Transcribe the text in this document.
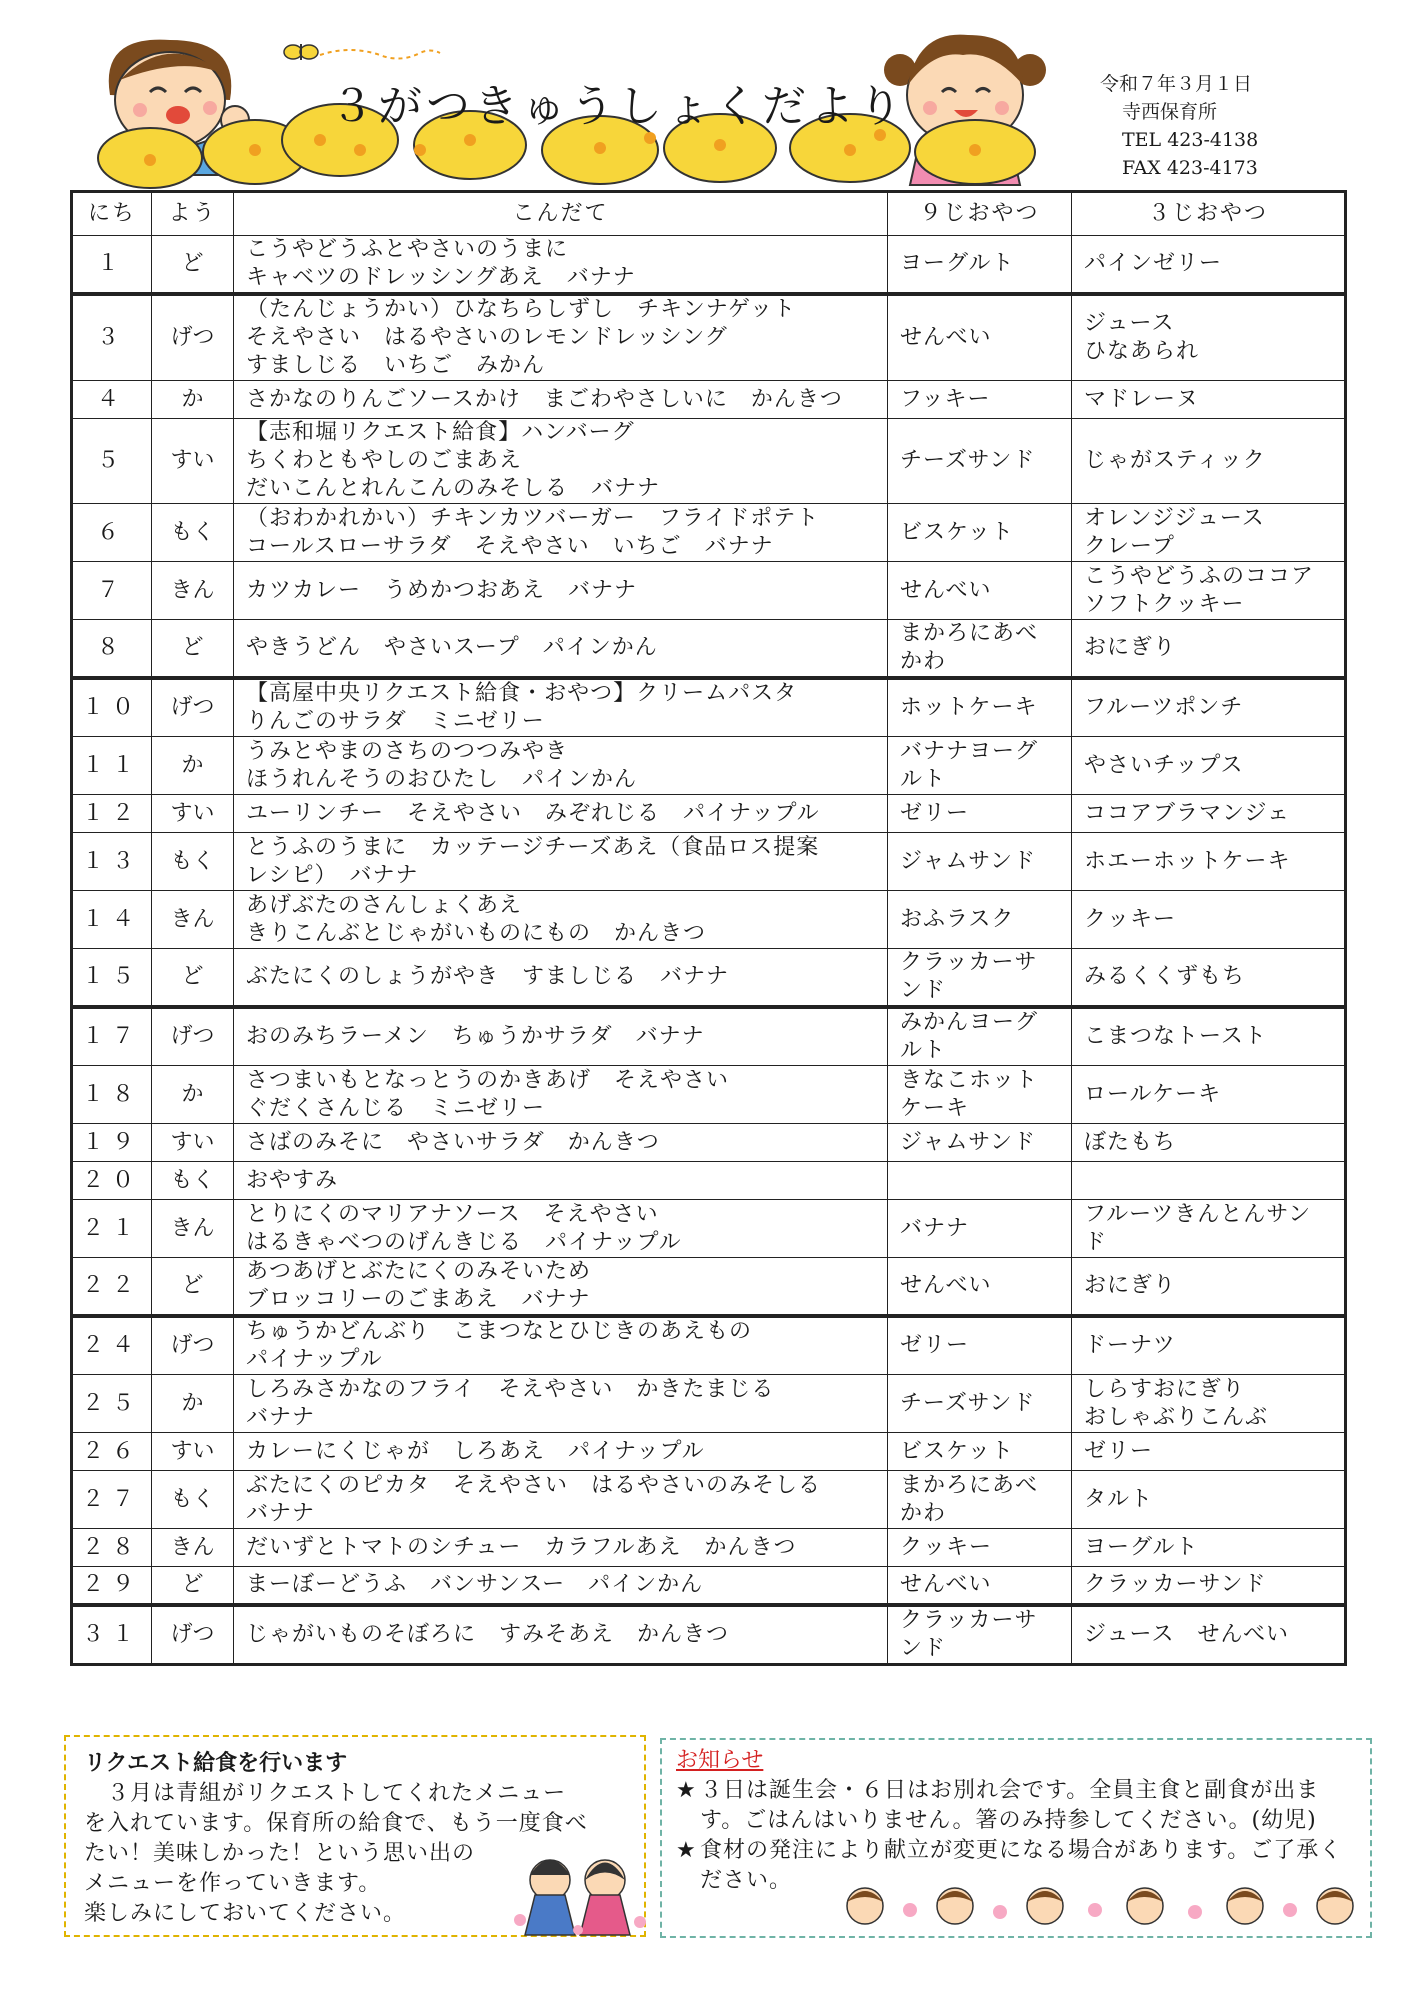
３がつきゅうしょくだより	令和７年３月１日
寺西保育所
TEL 423-4138
FAX 423-4173
にち	よう	こんだて	９じおやつ	３じおやつ
１	ど	こうやどうふとやさいのうまに
キャベツのドレッシングあえ　バナナ	ヨーグルト	パインゼリー
３	げつ	（たんじょうかい）ひなちらしずし　チキンナゲット
そえやさい　はるやさいのレモンドレッシング
すましじる　いちご　みかん	せんべい	ジュース
ひなあられ
４	か	さかなのりんごソースかけ　まごわやさしいに　かんきつ	フッキー	マドレーヌ
５	すい	【志和堀リクエスト給食】ハンバーグ
ちくわともやしのごまあえ
だいこんとれんこんのみそしる　バナナ	チーズサンド	じゃがスティック
６	もく	（おわかれかい）チキンカツバーガー　フライドポテト
コールスローサラダ　そえやさい　いちご　バナナ	ビスケット	オレンジジュース
クレープ
７	きん	カツカレー　うめかつおあえ　バナナ	せんべい	こうやどうふのココアソフトクッキー
８	ど	やきうどん　やさいスープ　パインかん	まかろにあべかわ	おにぎり
１０	げつ	【高屋中央リクエスト給食・おやつ】クリームパスタ
りんごのサラダ　ミニゼリー	ホットケーキ	フルーツポンチ
１１	か	うみとやまのさちのつつみやき
ほうれんそうのおひたし　パインかん	バナナヨーグルト	やさいチップス
１２	すい	ユーリンチー　そえやさい　みぞれじる　パイナップル	ゼリー	ココアブラマンジェ
１３	もく	とうふのうまに　カッテージチーズあえ（食品ロス提案
レシピ）　バナナ	ジャムサンド	ホエーホットケーキ
１４	きん	あげぶたのさんしょくあえ
きりこんぶとじゃがいものにもの　かんきつ	おふラスク	クッキー
１５	ど	ぶたにくのしょうがやき　すましじる　バナナ	クラッカーサンド	みるくくずもち
１７	げつ	おのみちラーメン　ちゅうかサラダ　バナナ	みかんヨーグルト	こまつなトースト
１８	か	さつまいもとなっとうのかきあげ　そえやさい
ぐだくさんじる　ミニゼリー	きなこホットケーキ	ロールケーキ
１９	すい	さばのみそに　やさいサラダ　かんきつ	ジャムサンド	ぼたもち
２０	もく	おやすみ		
２１	きん	とりにくのマリアナソース　そえやさい
はるきゃべつのげんきじる　パイナップル	バナナ	フルーツきんとんサンド
２２	ど	あつあげとぶたにくのみそいため
ブロッコリーのごまあえ　バナナ	せんべい	おにぎり
２４	げつ	ちゅうかどんぶり　こまつなとひじきのあえもの
パイナップル	ゼリー	ドーナツ
２５	か	しろみさかなのフライ　そえやさい　かきたまじる
バナナ	チーズサンド	しらすおにぎり
おしゃぶりこんぶ
２６	すい	カレーにくじゃが　しろあえ　パイナップル	ビスケット	ゼリー
２７	もく	ぶたにくのピカタ　そえやさい　はるやさいのみそしる
バナナ	まかろにあべかわ	タルト
２８	きん	だいずとトマトのシチュー　カラフルあえ　かんきつ	クッキー	ヨーグルト
２９	ど	まーぼーどうふ　バンサンスー　パインかん	せんべい	クラッカーサンド
３１	げつ	じゃがいものそぼろに　すみそあえ　かんきつ	クラッカーサンド	ジュース　せんべい
リクエスト給食を行います
　３月は青組がリクエストしてくれたメニュー
を入れています。保育所の給食で、もう一度食べ
たい！美味しかった！という思い出の
メニューを作っていきます。
楽しみにしておいてください。
お知らせ
★ ３日は誕生会・６日はお別れ会です。全員主食と副食が出ます。ごはんはいりません。箸のみ持参してください。(幼児)
★ 食材の発注により献立が変更になる場合があります。ご了承ください。
